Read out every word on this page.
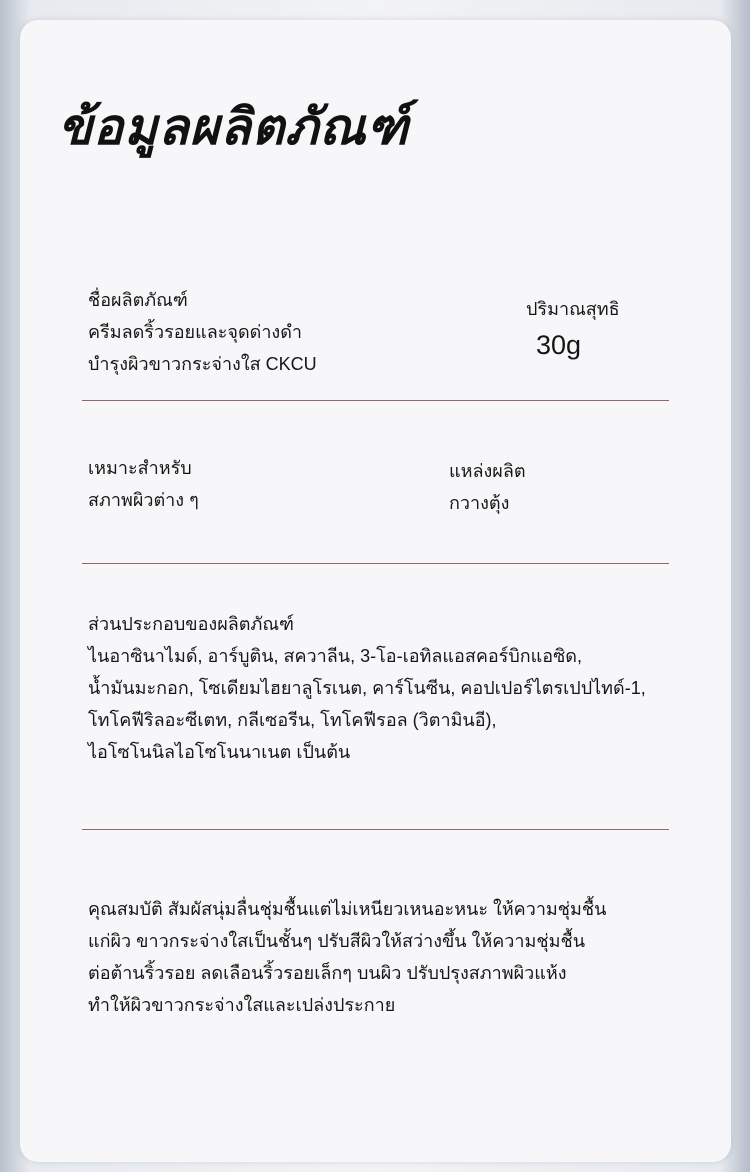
ข้อมูลผลิตภัณฑ์

ชื่อผลิตภัณฑ์

ครีมลดริ้วรอยและจุดด่างดำ

บำรุงผิวขาวกระจ่างใส CKCU

ปริมาณสุทธิ

30g

เหมาะสำหรับ

สภาพผิวต่าง ๆ

แหล่งผลิต

กวางตุ้ง

ส่วนประกอบของผลิตภัณฑ์

ไนอาซินาไมด์, อาร์บูติน, สควาลีน, 3-โอ-เอทิลแอสคอร์บิกแอซิด,

น้ำมันมะกอก, โซเดียมไฮยาลูโรเนต, คาร์โนซีน, คอปเปอร์ไตรเปปไทด์-1,

โทโคฟีริลอะซีเตท, กลีเซอรีน, โทโคฟีรอล (วิตามินอี),

ไอโซโนนิลไอโซโนนาเนต เป็นต้น

คุณสมบัติ สัมผัสนุ่มลื่นชุ่มชื้นแต่ไม่เหนียวเหนอะหนะ ให้ความชุ่มชื้น

แก่ผิว ขาวกระจ่างใสเป็นชั้นๆ ปรับสีผิวให้สว่างขึ้น ให้ความชุ่มชื้น

ต่อต้านริ้วรอย ลดเลือนริ้วรอยเล็กๆ บนผิว ปรับปรุงสภาพผิวแห้ง

ทำให้ผิวขาวกระจ่างใสและเปล่งประกาย
